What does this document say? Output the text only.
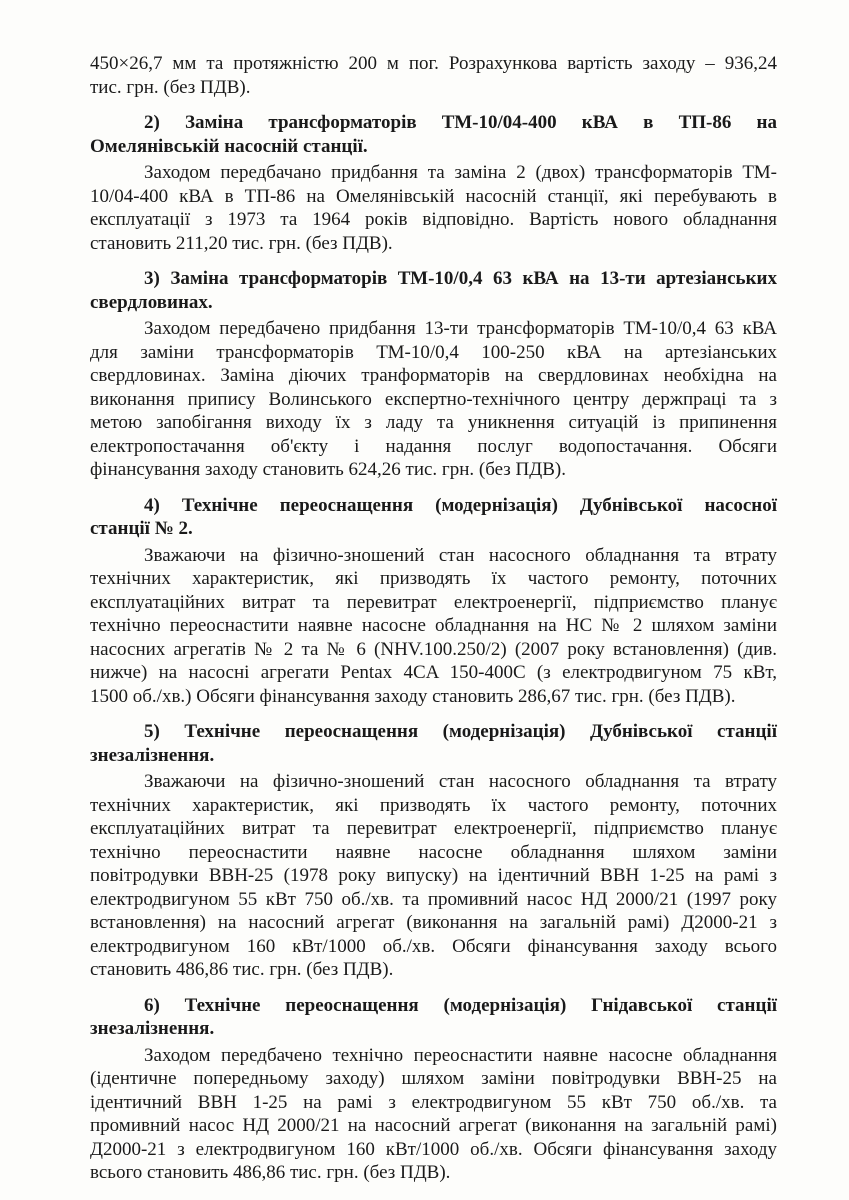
450×26,7 мм та протяжністю 200 м пог. Розрахункова вартість заходу – 936,24
тис. грн. (без ПДВ).
2) Заміна трансформаторів ТМ-10/04-400 кВА в ТП-86 на
Омелянівській насосній станції.
Заходом передбачано придбання та заміна 2 (двох) трансформаторів ТМ-
10/04-400 кВА в ТП-86 на Омелянівській насосній станції, які перебувають в
експлуатації з 1973 та 1964 років відповідно. Вартість нового обладнання
становить 211,20 тис. грн. (без ПДВ).
3) Заміна трансформаторів ТМ-10/0,4 63 кВА на 13-ти артезіанських
свердловинах.
Заходом передбачено придбання 13-ти трансформаторів ТМ-10/0,4 63 кВА
для заміни трансформаторів ТМ-10/0,4 100-250 кВА на артезіанських
свердловинах. Заміна діючих транформаторів на свердловинах необхідна на
виконання припису Волинського експертно-технічного центру держпраці та з
метою запобігання виходу їх з ладу та уникнення ситуацій із припинення
електропостачання об'єкту і надання послуг водопостачання. Обсяги
фінансування заходу становить 624,26 тис. грн. (без ПДВ).
4) Технічне переоснащення (модернізація) Дубнівської насосної
станції № 2.
Зважаючи на фізично-зношений стан насосного обладнання та втрату
технічних характеристик, які призводять їх частого ремонту, поточних
експлуатаційних витрат та перевитрат електроенергії, підприємство планує
технічно переоснастити наявне насосне обладнання на НС № 2 шляхом заміни
насосних агрегатів № 2 та № 6 (NHV.100.250/2) (2007 року встановлення) (див.
нижче) на насосні агрегати Pentax 4CA 150-400C (з електродвигуном 75 кВт,
1500 об./хв.) Обсяги фінансування заходу становить 286,67 тис. грн. (без ПДВ).
5) Технічне переоснащення (модернізація) Дубнівської станції
знезалізнення.
Зважаючи на фізично-зношений стан насосного обладнання та втрату
технічних характеристик, які призводять їх частого ремонту, поточних
експлуатаційних витрат та перевитрат електроенергії, підприємство планує
технічно переоснастити наявне насосне обладнання шляхом заміни
повітродувки ВВН-25 (1978 року випуску) на ідентичний ВВН 1-25 на рамі з
електродвигуном 55 кВт 750 об./хв. та промивний насос НД 2000/21 (1997 року
встановлення) на насосний агрегат (виконання на загальній рамі) Д2000-21 з
електродвигуном 160 кВт/1000 об./хв. Обсяги фінансування заходу всього
становить 486,86 тис. грн. (без ПДВ).
6) Технічне переоснащення (модернізація) Гнідавської станції
знезалізнення.
Заходом передбачено технічно переоснастити наявне насосне обладнання
(ідентичне попередньому заходу) шляхом заміни повітродувки ВВН-25 на
ідентичний ВВН 1-25 на рамі з електродвигуном 55 кВт 750 об./хв. та
промивний насос НД 2000/21 на насосний агрегат (виконання на загальній рамі)
Д2000-21 з електродвигуном 160 кВт/1000 об./хв. Обсяги фінансування заходу
всього становить 486,86 тис. грн. (без ПДВ).
